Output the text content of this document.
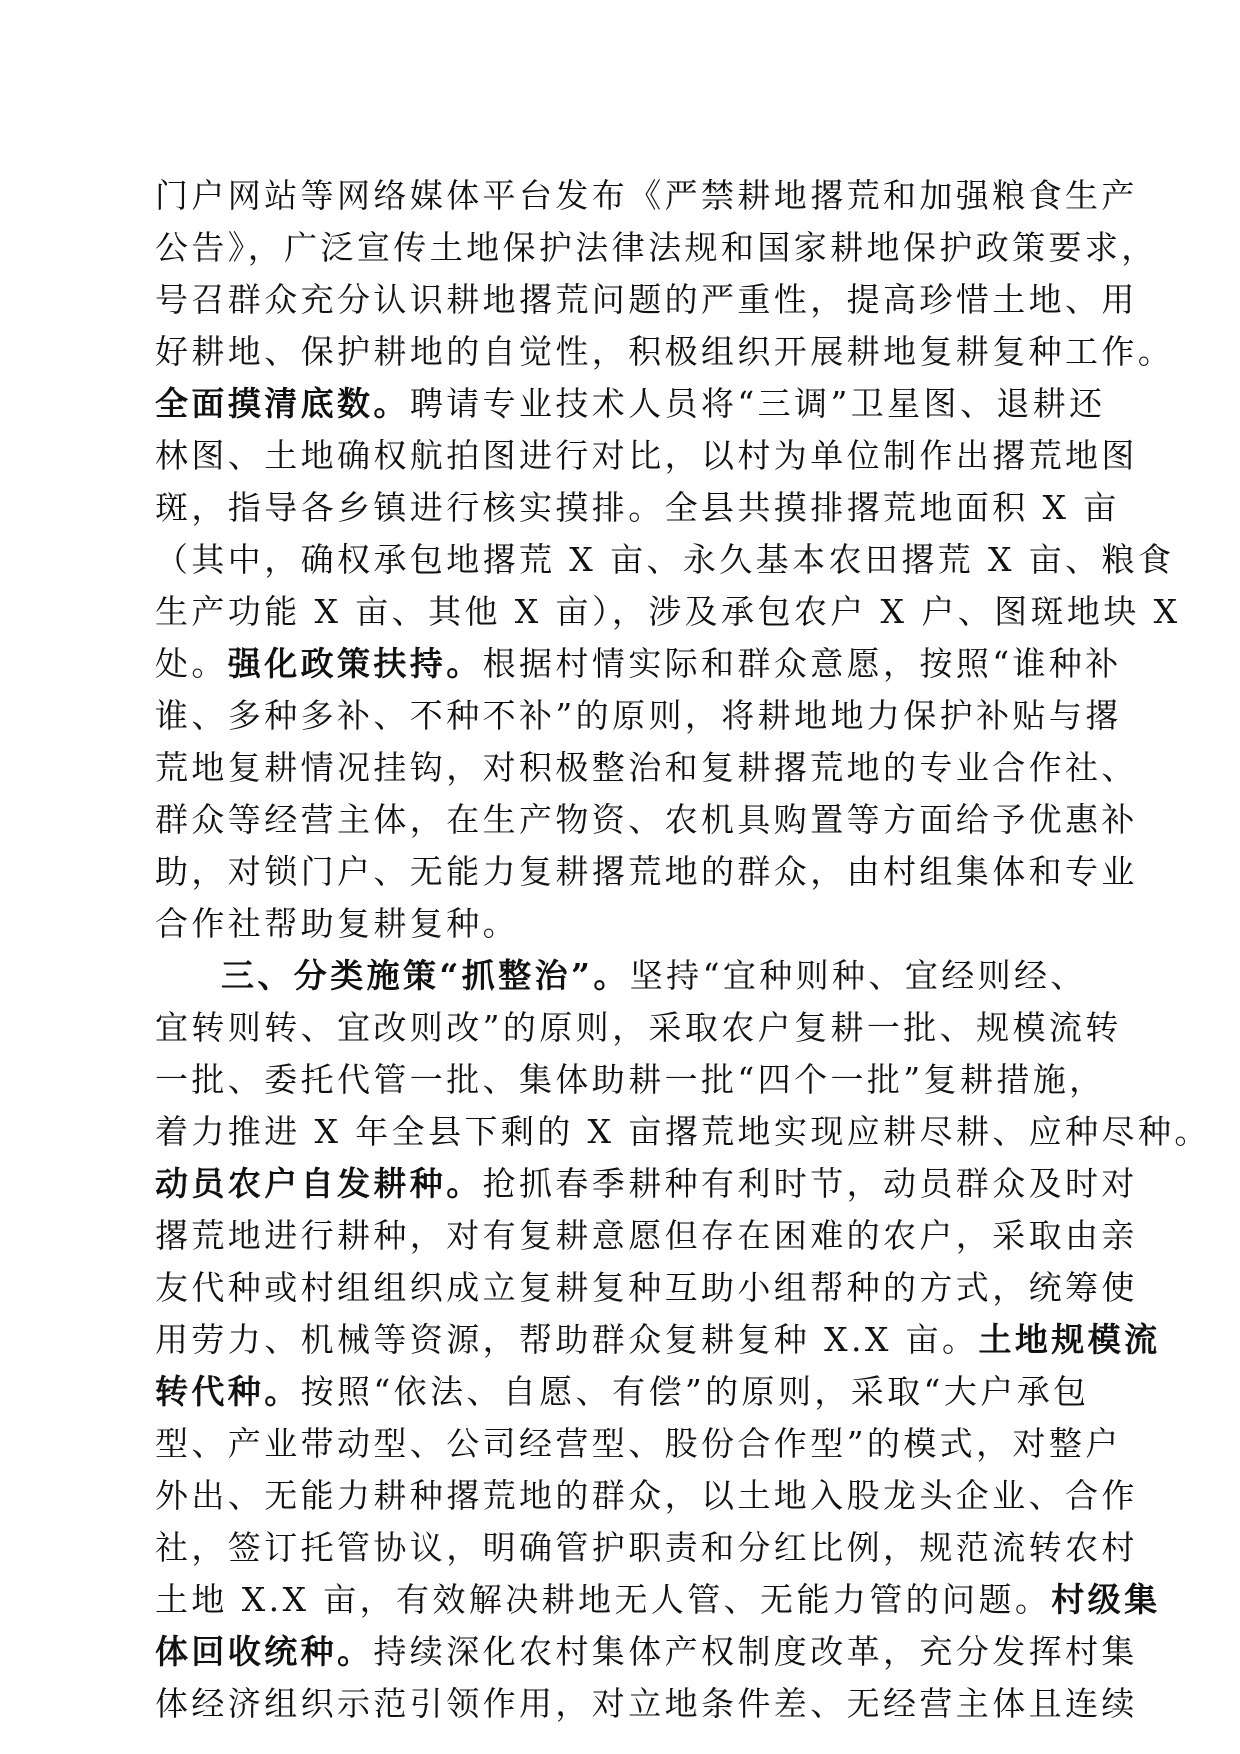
门户网站等网络媒体平台发布《严禁耕地撂荒和加强粮食生产
公告》，广泛宣传土地保护法律法规和国家耕地保护政策要求，
号召群众充分认识耕地撂荒问题的严重性，提高珍惜土地、用
好耕地、保护耕地的自觉性，积极组织开展耕地复耕复种工作。
全面摸清底数。聘请专业技术人员将“三调”卫星图、退耕还
林图、土地确权航拍图进行对比，以村为单位制作出撂荒地图
斑，指导各乡镇进行核实摸排。全县共摸排撂荒地面积 X 亩
（其中，确权承包地撂荒 X 亩、永久基本农田撂荒 X 亩、粮食
生产功能 X 亩、其他 X 亩），涉及承包农户 X 户、图斑地块 X
处。强化政策扶持。根据村情实际和群众意愿，按照“谁种补
谁、多种多补、不种不补”的原则，将耕地地力保护补贴与撂
荒地复耕情况挂钩，对积极整治和复耕撂荒地的专业合作社、
群众等经营主体，在生产物资、农机具购置等方面给予优惠补
助，对锁门户、无能力复耕撂荒地的群众，由村组集体和专业
合作社帮助复耕复种。
三、分类施策“抓整治”。坚持“宜种则种、宜经则经、
宜转则转、宜改则改”的原则，采取农户复耕一批、规模流转
一批、委托代管一批、集体助耕一批“四个一批”复耕措施，
着力推进 X 年全县下剩的 X 亩撂荒地实现应耕尽耕、应种尽种。
动员农户自发耕种。抢抓春季耕种有利时节，动员群众及时对
撂荒地进行耕种，对有复耕意愿但存在困难的农户，采取由亲
友代种或村组组织成立复耕复种互助小组帮种的方式，统筹使
用劳力、机械等资源，帮助群众复耕复种 X.X 亩。土地规模流
转代种。按照“依法、自愿、有偿”的原则，采取“大户承包
型、产业带动型、公司经营型、股份合作型”的模式，对整户
外出、无能力耕种撂荒地的群众，以土地入股龙头企业、合作
社，签订托管协议，明确管护职责和分红比例，规范流转农村
土地 X.X 亩，有效解决耕地无人管、无能力管的问题。村级集
体回收统种。持续深化农村集体产权制度改革，充分发挥村集
体经济组织示范引领作用，对立地条件差、无经营主体且连续
